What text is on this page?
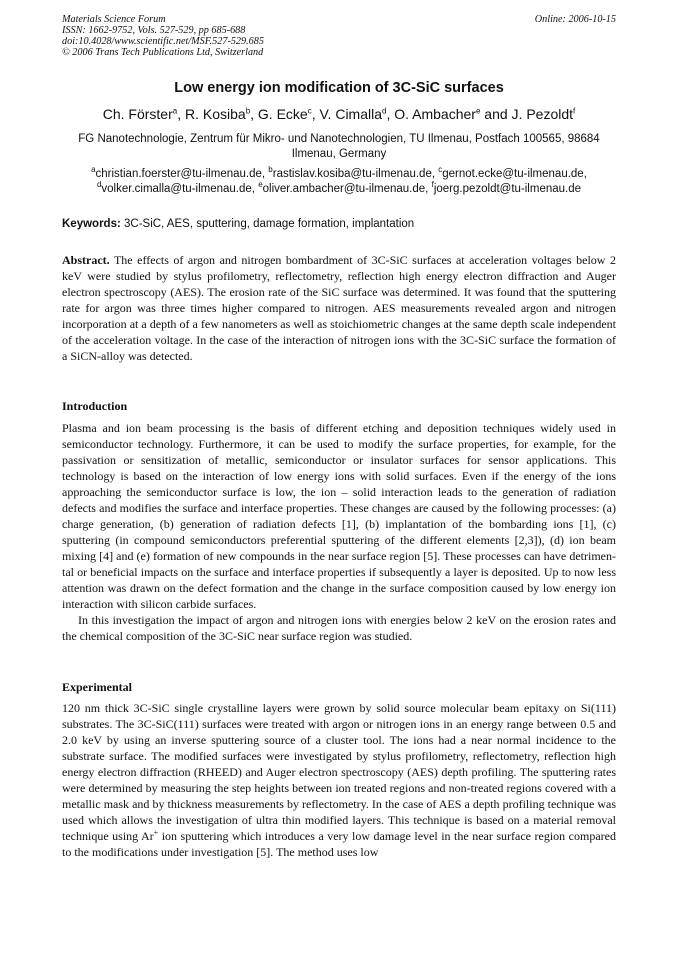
Materials Science Forum
ISSN: 1662-9752, Vols. 527-529, pp 685-688
doi:10.4028/www.scientific.net/MSF.527-529.685
© 2006 Trans Tech Publications Ltd, Switzerland
Online: 2006-10-15
Low energy ion modification of 3C-SiC surfaces
Ch. Förster$^a$, R. Kosiba$^b$, G. Ecke$^c$, V. Cimalla$^d$, O. Ambacher$^e$ and J. Pezoldt$^f$
FG Nanotechnologie, Zentrum für Mikro- und Nanotechnologien, TU Ilmenau, Postfach 100565, 98684 Ilmenau, Germany
$^a$christian.foerster@tu-ilmenau.de, $^b$rastislav.kosiba@tu-ilmenau.de, $^c$gernot.ecke@tu-ilmenau.de,
$^d$volker.cimalla@tu-ilmenau.de, $^e$oliver.ambacher@tu-ilmenau.de, $^f$joerg.pezoldt@tu-ilmenau.de
Keywords: 3C-SiC, AES, sputtering, damage formation, implantation

Abstract. The effects of argon and nitrogen bombardment of 3C-SiC surfaces at acceleration voltages below 2 keV were studied by stylus profilometry, reflectometry, reflection high energy electron diffraction and Auger electron spectroscopy (AES). The erosion rate of the SiC surface was determined. It was found that the sputtering rate for argon was three times higher compared to nitrogen. AES measurements revealed argon and nitrogen incorporation at a depth of a few nanometers as well as stoichiometric changes at the same depth scale independent of the acceleration voltage. In the case of the interaction of nitrogen ions with the 3C-SiC surface the formation of a SiCN-alloy was detected.

Introduction

Plasma and ion beam processing is the basis of different etching and deposition techniques widely used in semiconductor technology. Furthermore, it can be used to modify the surface properties, for example, for the passivation or sensitization of metallic, semiconductor or insulator surfaces for sensor applications. This technology is based on the interaction of low energy ions with solid surfaces. Even if the energy of the ions approaching the semiconductor surface is low, the ion – solid interaction leads to the generation of radiation defects and modifies the surface and interface properties. These changes are caused by the following processes: (a) charge generation, (b) generation of radiation defects [1], (b) implantation of the bombarding ions [1], (c) sputtering (in compound semiconductors preferential sputtering of the different elements [2,3]), (d) ion beam mixing [4] and (e) formation of new compounds in the near surface region [5]. These processes can have detrimental or beneficial impacts on the surface and interface properties if subsequently a layer is deposited. Up to now less attention was drawn on the defect formation and the change in the surface composition caused by low energy ion interaction with silicon carbide surfaces.

In this investigation the impact of argon and nitrogen ions with energies below 2 keV on the erosion rates and the chemical composition of the 3C-SiC near surface region was studied.

Experimental

120 nm thick 3C-SiC single crystalline layers were grown by solid source molecular beam epitaxy on Si(111) substrates. The 3C-SiC(111) surfaces were treated with argon or nitrogen ions in an energy range between 0.5 and 2.0 keV by using an inverse sputtering source of a cluster tool. The ions had a near normal incidence to the substrate surface. The modified surfaces were investigated by stylus profilometry, reflectometry, reflection high energy electron diffraction (RHEED) and Auger electron spectroscopy (AES) depth profiling. The sputtering rates were determined by measuring the step heights between ion treated regions and non-treated regions covered with a metallic mask and by thickness measurements by reflectometry. In the case of AES a depth profiling technique was used which allows the investigation of ultra thin modified layers. This technique is based on a material removal technique using Ar+ ion sputtering which introduces a very low damage level in the near surface region compared to the modifications under investigation [5]. The method uses low
